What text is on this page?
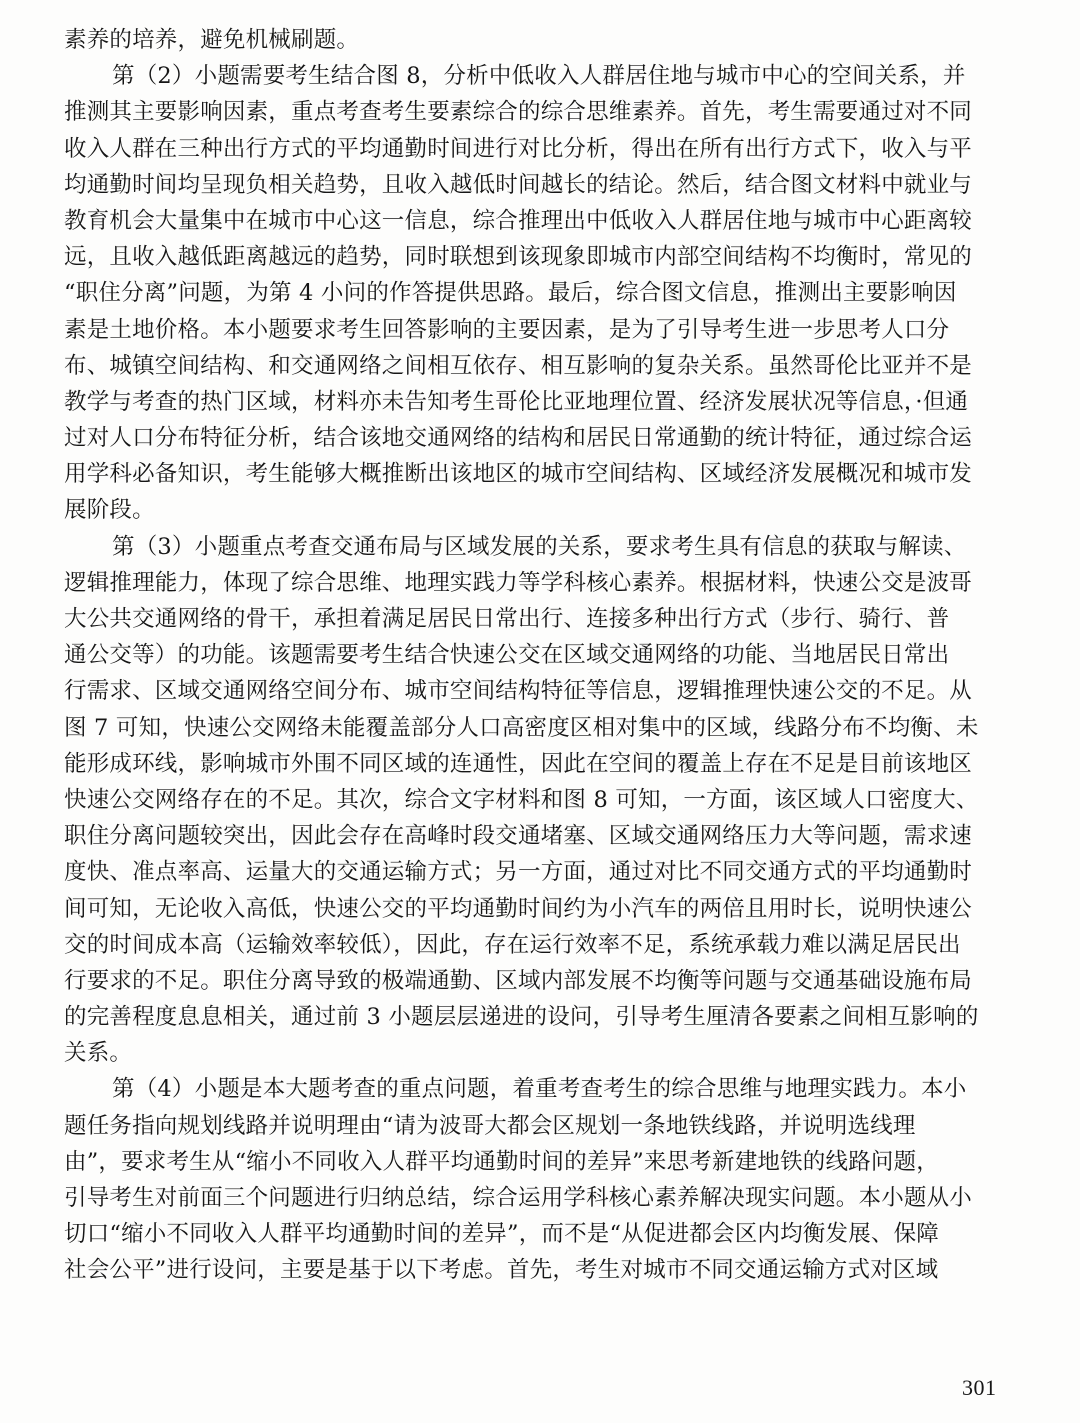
素养的培养，避免机械刷题。
第（2）小题需要考生结合图 8，分析中低收入人群居住地与城市中心的空间关系，并
推测其主要影响因素，重点考查考生要素综合的综合思维素养。首先，考生需要通过对不同
收入人群在三种出行方式的平均通勤时间进行对比分析，得出在所有出行方式下，收入与平
均通勤时间均呈现负相关趋势，且收入越低时间越长的结论。然后，结合图文材料中就业与
教育机会大量集中在城市中心这一信息，综合推理出中低收入人群居住地与城市中心距离较
远，且收入越低距离越远的趋势，同时联想到该现象即城市内部空间结构不均衡时，常见的
“职住分离”问题，为第 4 小问的作答提供思路。最后，综合图文信息，推测出主要影响因
素是土地价格。本小题要求考生回答影响的主要因素，是为了引导考生进一步思考人口分
布、城镇空间结构、和交通网络之间相互依存、相互影响的复杂关系。虽然哥伦比亚并不是
教学与考查的热门区域，材料亦未告知考生哥伦比亚地理位置、经济发展状况等信息，·但通
过对人口分布特征分析，结合该地交通网络的结构和居民日常通勤的统计特征，通过综合运
用学科必备知识，考生能够大概推断出该地区的城市空间结构、区域经济发展概况和城市发
展阶段。
第（3）小题重点考查交通布局与区域发展的关系，要求考生具有信息的获取与解读、
逻辑推理能力，体现了综合思维、地理实践力等学科核心素养。根据材料，快速公交是波哥
大公共交通网络的骨干，承担着满足居民日常出行、连接多种出行方式（步行、骑行、普
通公交等）的功能。该题需要考生结合快速公交在区域交通网络的功能、当地居民日常出
行需求、区域交通网络空间分布、城市空间结构特征等信息，逻辑推理快速公交的不足。从
图 7 可知，快速公交网络未能覆盖部分人口高密度区相对集中的区域，线路分布不均衡、未
能形成环线，影响城市外围不同区域的连通性，因此在空间的覆盖上存在不足是目前该地区
快速公交网络存在的不足。其次，综合文字材料和图 8 可知，一方面，该区域人口密度大、
职住分离问题较突出，因此会存在高峰时段交通堵塞、区域交通网络压力大等问题，需求速
度快、准点率高、运量大的交通运输方式；另一方面，通过对比不同交通方式的平均通勤时
间可知，无论收入高低，快速公交的平均通勤时间约为小汽车的两倍且用时长，说明快速公
交的时间成本高（运输效率较低），因此，存在运行效率不足，系统承载力难以满足居民出
行要求的不足。职住分离导致的极端通勤、区域内部发展不均衡等问题与交通基础设施布局
的完善程度息息相关，通过前 3 小题层层递进的设问，引导考生厘清各要素之间相互影响的
关系。
第（4）小题是本大题考查的重点问题，着重考查考生的综合思维与地理实践力。本小
题任务指向规划线路并说明理由“请为波哥大都会区规划一条地铁线路，并说明选线理
由”，要求考生从“缩小不同收入人群平均通勤时间的差异”来思考新建地铁的线路问题，
引导考生对前面三个问题进行归纳总结，综合运用学科核心素养解决现实问题。本小题从小
切口“缩小不同收入人群平均通勤时间的差异”，而不是“从促进都会区内均衡发展、保障
社会公平”进行设问，主要是基于以下考虑。首先，考生对城市不同交通运输方式对区域
301
